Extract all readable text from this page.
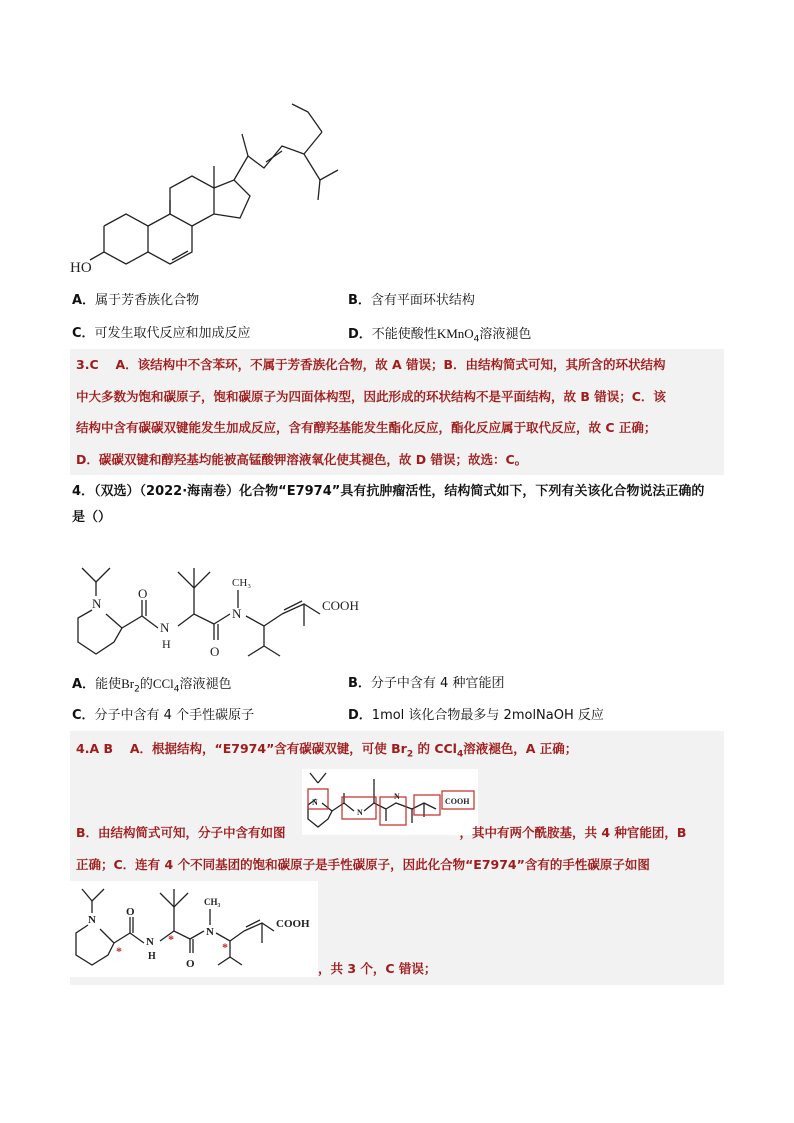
HO
A．属于芳香族化合物	B．含有平面环状结构
C．可发生取代反应和加成反应	D．不能使酸性KMnO$_4$溶液褪色
3.C　 A．该结构中不含苯环，不属于芳香族化合物，故 A 错误；B．由结构简式可知，其所含的环状结构
中大多数为饱和碳原子，饱和碳原子为四面体构型，因此形成的环状结构不是平面结构，故 B 错误；C．该
结构中含有碳碳双键能发生加成反应，含有醇羟基能发生酯化反应，酯化反应属于取代反应，故 C 正确；
D．碳碳双键和醇羟基均能被高锰酸钾溶液氧化使其褪色，故 D 错误；故选：C。
4．（双选）（2022·海南卷）化合物“E7974”具有抗肿瘤活性，结构简式如下，下列有关该化合物说法正确的
是（）
N
O
N
H	O
N
CH₃
COOH
A．能使$Br_2$的CCl$_4$溶液褪色	B．分子中含有 4 种官能团
C．分子中含有 4 个手性碳原子	D．1mol 该化合物最多与 2molNaOH 反应
4.A B　 A．根据结构，“E7974”含有碳碳双键，可使 $Br_2$ 的 CCl$_4$溶液褪色，A 正确；
N
N
N
COOH
B．由结构简式可知，分子中含有如图	，其中有两个酰胺基，共 4 种官能团，B
正确；C．连有 4 个不同基团的饱和碳原子是手性碳原子，因此化合物“E7974”含有的手性碳原子如图
N
O
N
H
O
N
CH₃
COOH
*
*
*
，共 3 个，C 错误；
